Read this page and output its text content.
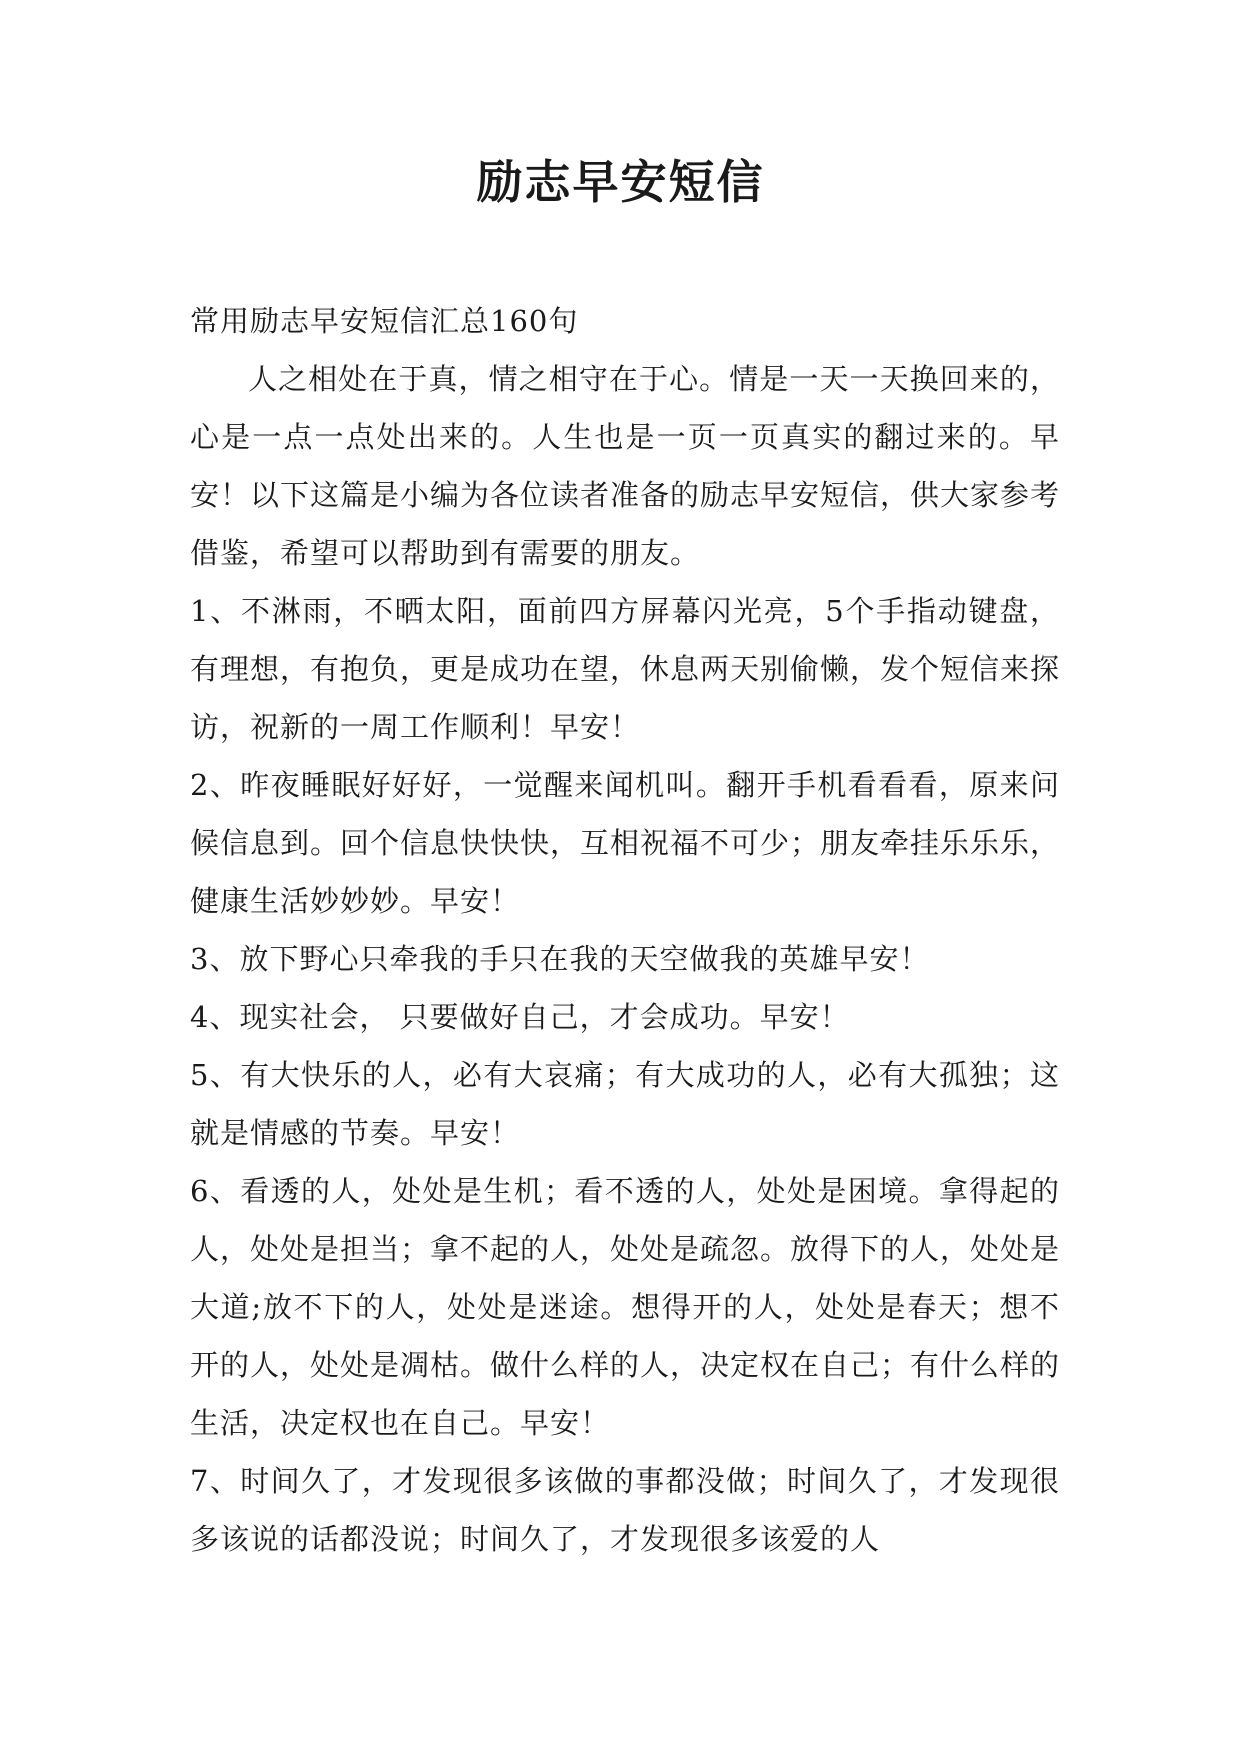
励志早安短信

常用励志早安短信汇总160句

人之相处在于真，情之相守在于心。情是一天一天换回来的，心是一点一点处出来的。人生也是一页一页真实的翻过来的。早安！以下这篇是小编为各位读者准备的励志早安短信，供大家参考借鉴，希望可以帮助到有需要的朋友。

1、不淋雨，不晒太阳，面前四方屏幕闪光亮，5个手指动键盘，有理想，有抱负，更是成功在望，休息两天别偷懒，发个短信来探访，祝新的一周工作顺利！早安！

2、昨夜睡眠好好好，一觉醒来闻机叫。翻开手机看看看，原来问候信息到。回个信息快快快，互相祝福不可少；朋友牵挂乐乐乐，健康生活妙妙妙。早安！

3、放下野心只牵我的手只在我的天空做我的英雄早安！

4、现实社会， 只要做好自己，才会成功。早安！

5、有大快乐的人，必有大哀痛；有大成功的人，必有大孤独；这就是情感的节奏。早安！

6、看透的人，处处是生机；看不透的人，处处是困境。拿得起的人，处处是担当；拿不起的人，处处是疏忽。放得下的人，处处是大道;放不下的人，处处是迷途。想得开的人，处处是春天；想不开的人，处处是凋枯。做什么样的人，决定权在自己；有什么样的生活，决定权也在自己。早安！

7、时间久了，才发现很多该做的事都没做；时间久了，才发现很多该说的话都没说；时间久了，才发现很多该爱的人
